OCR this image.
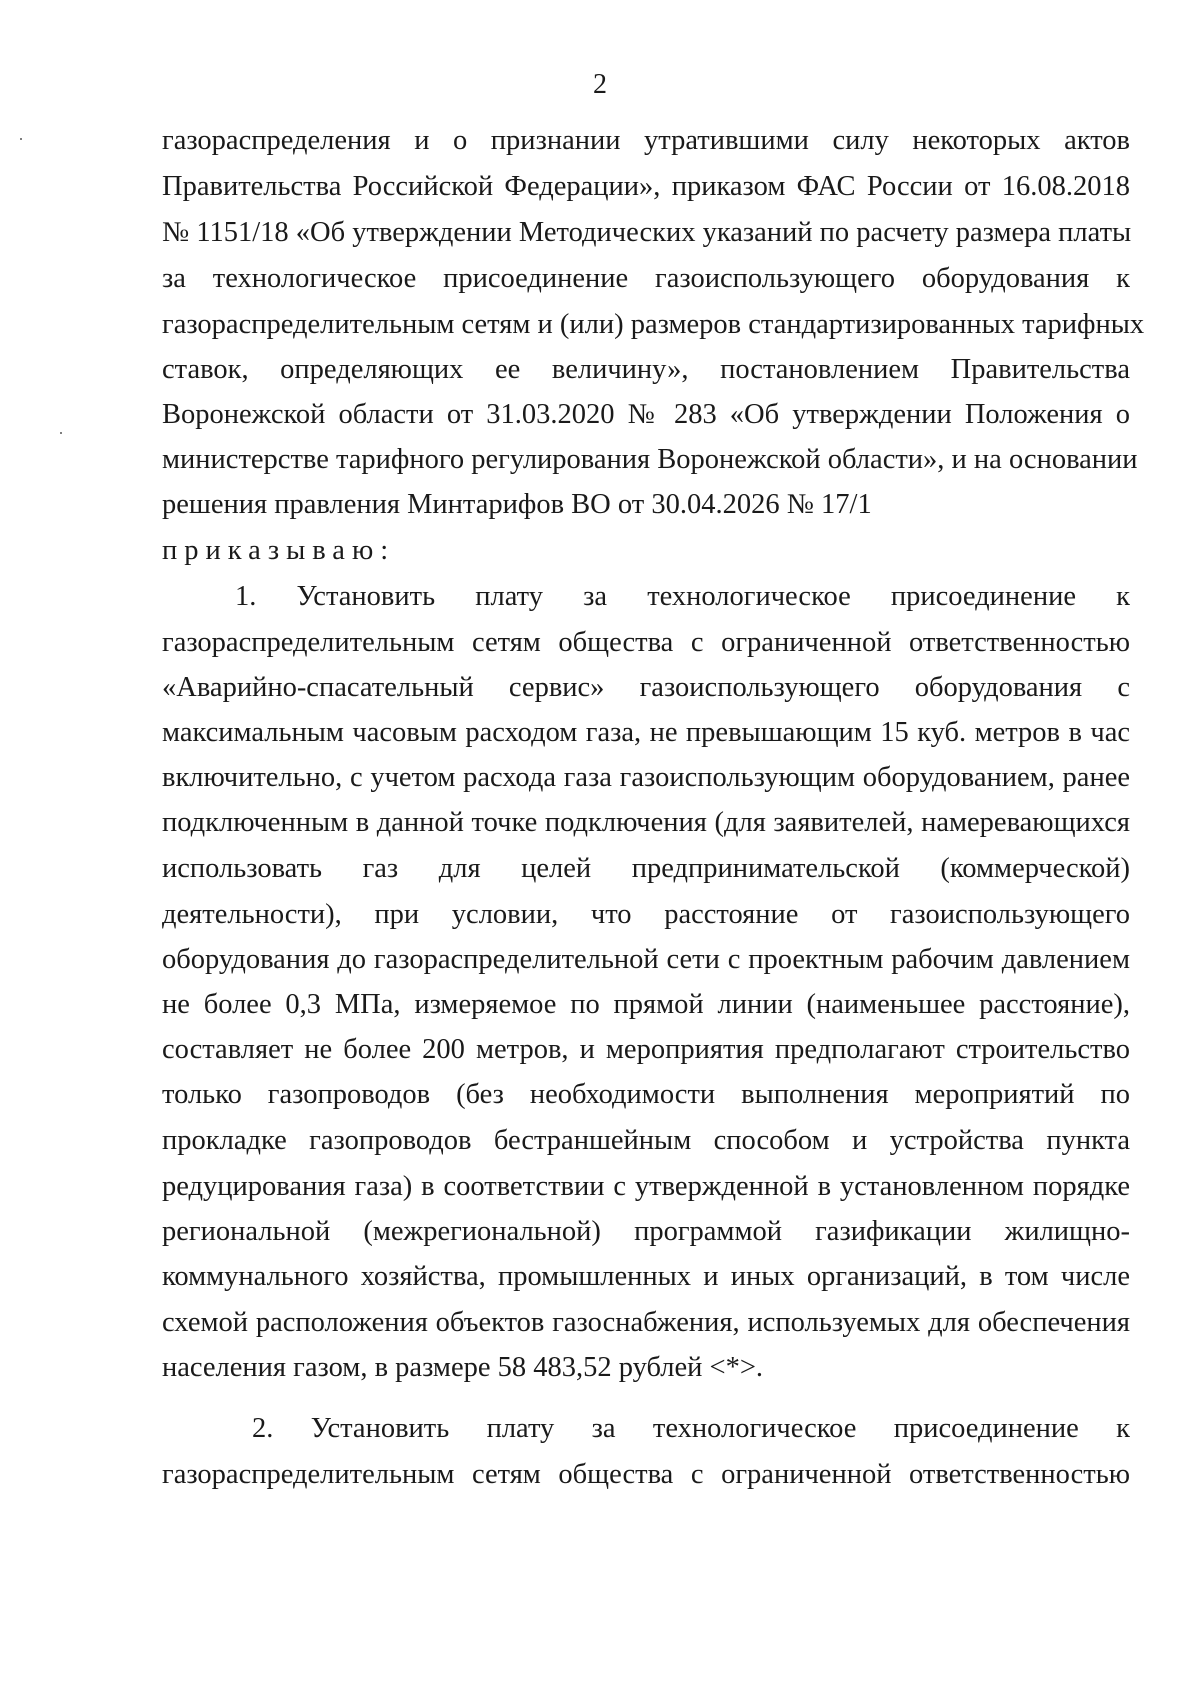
2
газораспределения и о признании утратившими силу некоторых актов
Правительства Российской Федерации», приказом ФАС России от 16.08.2018
№ 1151/18 «Об утверждении Методических указаний по расчету размера платы
за технологическое присоединение газоиспользующего оборудования к
газораспределительным сетям и (или) размеров стандартизированных тарифных
ставок, определяющих ее величину», постановлением Правительства
Воронежской области от 31.03.2020 № 283 «Об утверждении Положения о
министерстве тарифного регулирования Воронежской области», и на основании
решения правления Минтарифов ВО от 30.04.2026 № 17/1
приказываю:
1. Установить плату за технологическое присоединение к
газораспределительным сетям общества с ограниченной ответственностью
«Аварийно-спасательный сервис» газоиспользующего оборудования с
максимальным часовым расходом газа, не превышающим 15 куб. метров в час
включительно, с учетом расхода газа газоиспользующим оборудованием, ранее
подключенным в данной точке подключения (для заявителей, намеревающихся
использовать газ для целей предпринимательской (коммерческой)
деятельности), при условии, что расстояние от газоиспользующего
оборудования до газораспределительной сети с проектным рабочим давлением
не более 0,3 МПа, измеряемое по прямой линии (наименьшее расстояние),
составляет не более 200 метров, и мероприятия предполагают строительство
только газопроводов (без необходимости выполнения мероприятий по
прокладке газопроводов бестраншейным способом и устройства пункта
редуцирования газа) в соответствии с утвержденной в установленном порядке
региональной (межрегиональной) программой газификации жилищно-
коммунального хозяйства, промышленных и иных организаций, в том числе
схемой расположения объектов газоснабжения, используемых для обеспечения
населения газом, в размере 58 483,52 рублей <*>.
2. Установить плату за технологическое присоединение к
газораспределительным сетям общества с ограниченной ответственностью
